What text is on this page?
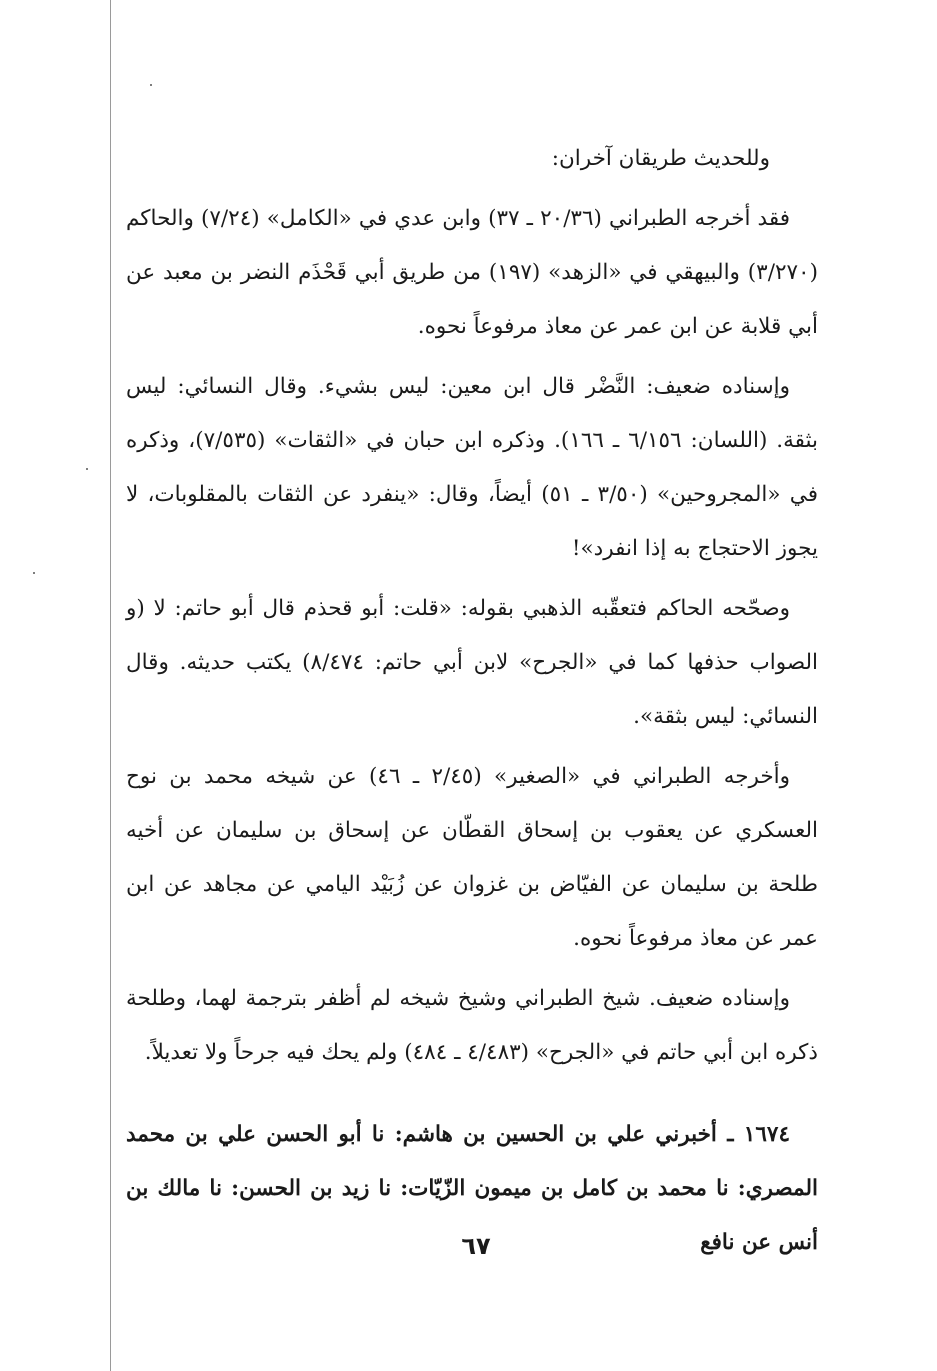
وللحديث طريقان آخران:

فقد أخرجه الطبراني (٢٠/٣٦ ـ ٣٧) وابن عدي في «الكامل» (٧/٢٤) والحاكم (٣/٢٧٠) والبيهقي في «الزهد» (١٩٧) من طريق أبي قَحْذَم النضر بن معبد عن أبي قلابة عن ابن عمر عن معاذ مرفوعاً نحوه.

وإسناده ضعيف: النَّضْر قال ابن معين: ليس بشيء. وقال النسائي: ليس بثقة. (اللسان: ٦/١٥٦ ـ ١٦٦). وذكره ابن حبان في «الثقات» (٧/٥٣٥)، وذكره في «المجروحين» (٣/٥٠ ـ ٥١) أيضاً، وقال: «ينفرد عن الثقات بالمقلوبات، لا يجوز الاحتجاج به إذا انفرد»!

وصحّحه الحاكم فتعقّبه الذهبي بقوله: «قلت: أبو قحذم قال أبو حاتم: لا (و الصواب حذفها كما في «الجرح» لابن أبي حاتم: ٨/٤٧٤) يكتب حديثه. وقال النسائي: ليس بثقة».

وأخرجه الطبراني في «الصغير» (٢/٤٥ ـ ٤٦) عن شيخه محمد بن نوح العسكري عن يعقوب بن إسحاق القطّان عن إسحاق بن سليمان عن أخيه طلحة بن سليمان عن الفيّاض بن غزوان عن زُبَيْد اليامي عن مجاهد عن ابن عمر عن معاذ مرفوعاً نحوه.

وإسناده ضعيف. شيخ الطبراني وشيخ شيخه لم أظفر بترجمة لهما، وطلحة ذكره ابن أبي حاتم في «الجرح» (٤/٤٨٣ ـ ٤٨٤) ولم يحك فيه جرحاً ولا تعديلاً.

١٦٧٤ ـ أخبرني علي بن الحسين بن هاشم: نا أبو الحسن علي بن محمد المصري: نا محمد بن كامل بن ميمون الزّيّات: نا زيد بن الحسن: نا مالك بن أنس عن نافع

٦٧
